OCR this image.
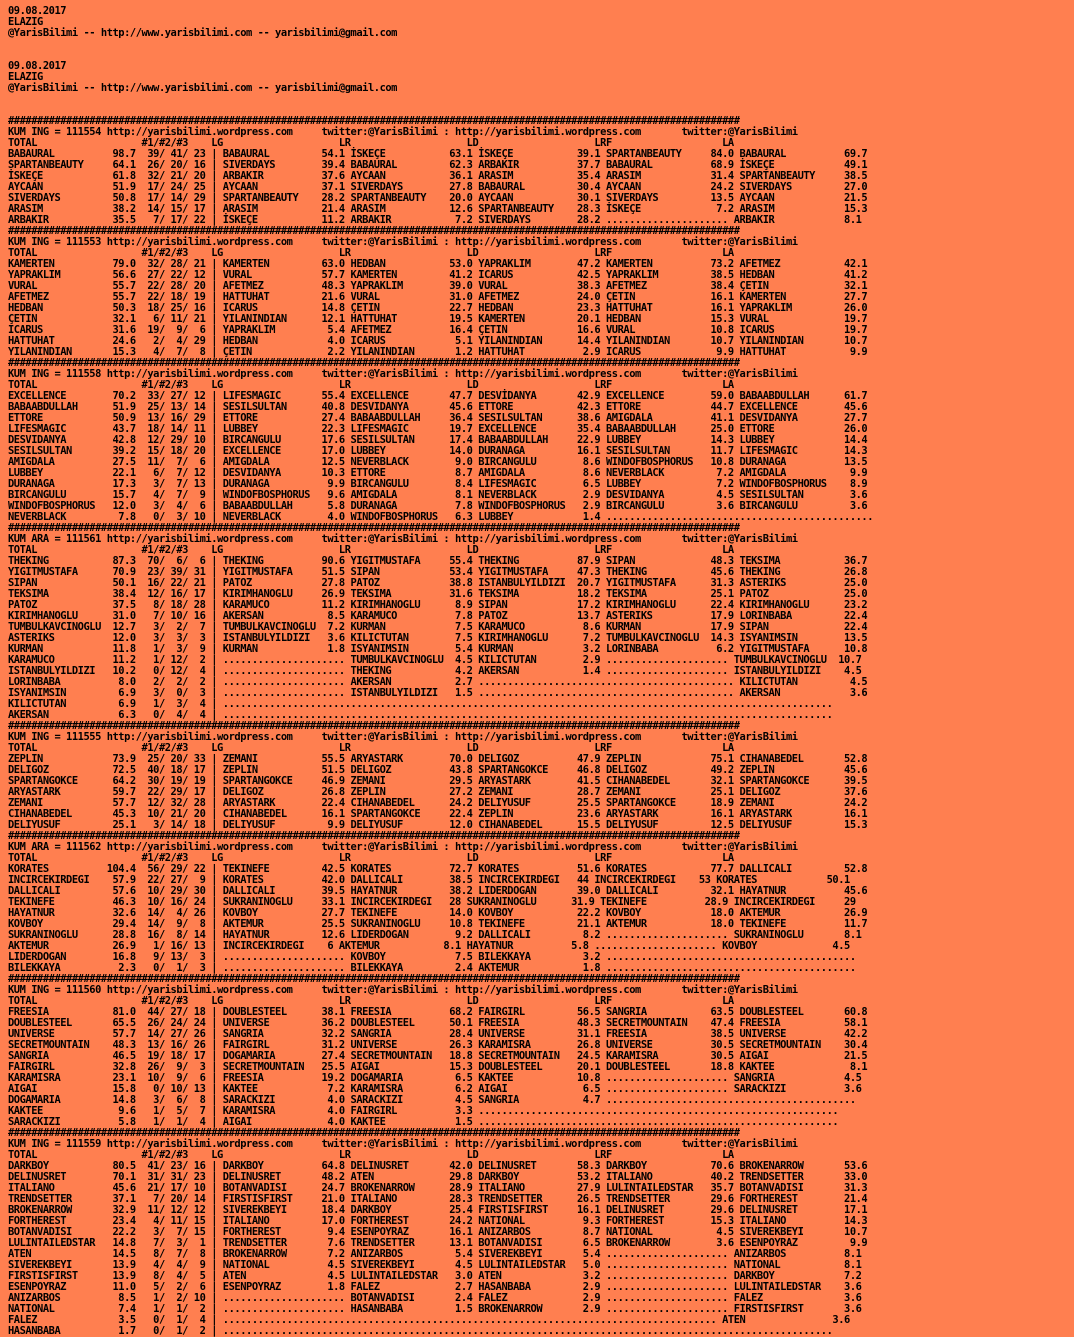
09.08.2017
ELAZIG
@YarisBilimi -- http://www.yarisbilimi.com -- yarisbilimi@gmail.com
09.08.2017
ELAZIG
@YarisBilimi -- http://www.yarisbilimi.com -- yarisbilimi@gmail.com
##############################################################################################################################
KUM ING = 111554 http://yarisbilimi.wordpress.com     twitter:@YarisBilimi : http://yarisbilimi.wordpress.com       twitter:@YarisBilimi
TOTAL                  #1/#2/#3    LG                    LR                    LD                    LRF                   LA
BABAURAL          98.7  39/ 41/ 23 | BABAURAL         54.1 İSKEÇE           63.1 İSKEÇE           39.1 SPARTANBEAUTY     84.0 BABAURAL          69.7
SPARTANBEAUTY     64.1  26/ 20/ 16 | SIVERDAYS        39.4 BABAURAL         62.3 ARBAKIR          37.7 BABAURAL          68.9 İSKEÇE            49.1
İSKEÇE            61.8  32/ 21/ 20 | ARBAKIR          37.6 AYCAAN           36.1 ARASIM           35.4 ARASIM            31.4 SPARTANBEAUTY     38.5
AYCAAN            51.9  17/ 24/ 25 | AYCAAN           37.1 SIVERDAYS        27.8 BABAURAL         30.4 AYCAAN            24.2 SIVERDAYS         27.0
SIVERDAYS         50.8  17/ 14/ 29 | SPARTANBEAUTY    28.2 SPARTANBEAUTY    20.0 AYCAAN           30.1 SIVERDAYS         13.5 AYCAAN            21.5
ARASIM            38.2  14/ 15/ 17 | ARASIM           21.4 ARASIM           12.6 SPARTANBEAUTY    28.3 İSKEÇE             7.2 ARASIM            15.3
ARBAKIR           35.5   7/ 17/ 22 | İSKEÇE           11.2 ARBAKIR           7.2 SIVERDAYS        28.2 ..................... ARBAKIR            8.1
##############################################################################################################################
KUM ING = 111553 http://yarisbilimi.wordpress.com     twitter:@YarisBilimi : http://yarisbilimi.wordpress.com       twitter:@YarisBilimi
TOTAL                  #1/#2/#3    LG                    LR                    LD                    LRF                   LA
KAMERTEN          79.0  32/ 28/ 21 | KAMERTEN         63.0 HEDBAN           53.0 YAPRAKLIM        47.2 KAMERTEN          73.2 AFETMEZ           42.1
YAPRAKLIM         56.6  27/ 22/ 12 | VURAL            57.7 KAMERTEN         41.2 ICARUS           42.5 YAPRAKLIM         38.5 HEDBAN            41.2
VURAL             55.7  22/ 28/ 20 | AFETMEZ          48.3 YAPRAKLIM        39.0 VURAL            38.3 AFETMEZ           38.4 ÇETIN             32.1
AFETMEZ           55.7  22/ 18/ 19 | HATTUHAT         21.6 VURAL            31.0 AFETMEZ          24.0 ÇETIN             16.1 KAMERTEN          27.7
HEDBAN            50.3  18/ 25/ 16 | ICARUS           14.8 ÇETIN            22.7 HEDBAN           23.3 HATTUHAT          16.1 YAPRAKLIM         26.0
ÇETIN             32.1   6/ 11/ 21 | YILANINDIAN      12.1 HATTUHAT         19.5 KAMERTEN         20.1 HEDBAN            15.3 VURAL             19.7
ICARUS            31.6  19/  9/  6 | YAPRAKLIM         5.4 AFETMEZ          16.4 ÇETIN            16.6 VURAL             10.8 ICARUS            19.7
HATTUHAT          24.6   2/  4/ 29 | HEDBAN            4.0 ICARUS            5.1 YILANINDIAN      14.4 YILANINDIAN       10.7 YILANINDIAN       10.7
YILANINDIAN       15.3   4/  7/  8 | ÇETIN             2.2 YILANINDIAN       1.2 HATTUHAT          2.9 ICARUS             9.9 HATTUHAT           9.9
##############################################################################################################################
KUM ING = 111558 http://yarisbilimi.wordpress.com     twitter:@YarisBilimi : http://yarisbilimi.wordpress.com       twitter:@YarisBilimi
TOTAL                  #1/#2/#3    LG                    LR                    LD                    LRF                   LA
EXCELLENCE        70.2  33/ 27/ 12 | LIFESMAGIC       55.4 EXCELLENCE       47.7 DESVİDANYA       42.9 EXCELLENCE        59.0 BABAABDULLAH      61.7
BABAABDULLAH      51.9  25/ 13/ 14 | SESILSULTAN      40.8 DESVIDANYA       45.6 ETTORE           42.3 ETTORE            44.7 EXCELLENCE        45.6
ETTORE            50.9  13/ 16/ 29 | ETTORE           27.4 BABAABDULLAH     36.4 SESILSULTAN      38.6 AMIGDALA          41.1 DESVIDANYA        27.7
LIFESMAGIC        43.7  18/ 14/ 11 | LUBBEY           22.3 LIFESMAGIC       19.7 EXCELLENCE       35.4 BABAABDULLAH      25.0 ETTORE            26.0
DESVIDANYA        42.8  12/ 29/ 10 | BIRCANGULU       17.6 SESILSULTAN      17.4 BABAABDULLAH     22.9 LUBBEY            14.3 LUBBEY            14.4
SESILSULTAN       39.2  15/ 18/ 20 | EXCELLENCE       17.0 LUBBEY           14.0 DURANAGA         16.1 SESILSULTAN       11.7 LIFESMAGIC        14.3
AMIGDALA          27.5  11/  7/  6 | AMIGDALA         12.5 NEVERBLACK        9.0 BIRCANGULU        8.6 WINDOFBOSPHORUS   10.8 DURANAGA          13.5
LUBBEY            22.1   6/  7/ 12 | DESVIDANYA       10.3 ETTORE            8.7 AMIGDALA          8.6 NEVERBLACK         7.2 AMIGDALA           9.9
DURANAGA          17.3   3/  7/ 13 | DURANAGA          9.9 BIRCANGULU        8.4 LIFESMAGIC        6.5 LUBBEY             7.2 WINDOFBOSPHORUS    8.9
BIRCANGULU        15.7   4/  7/  9 | WINDOFBOSPHORUS   9.6 AMIGDALA          8.1 NEVERBLACK        2.9 DESVIDANYA         4.5 SESILSULTAN        3.6
WINDOFBOSPHORUS   12.0   3/  4/  6 | BABAABDULLAH      5.8 DURANAGA          7.8 WINDOFBOSPHORUS   2.9 BIRCANGULU         3.6 BIRCANGULU         3.6
NEVERBLACK         7.8   0/  3/ 10 | NEVERBLACK        4.0 WINDOFBOSPHORUS   6.3 LUBBEY            1.4 ..............................................
##############################################################################################################################
KUM ARA = 111561 http://yarisbilimi.wordpress.com     twitter:@YarisBilimi : http://yarisbilimi.wordpress.com       twitter:@YarisBilimi
TOTAL                  #1/#2/#3    LG                    LR                    LD                    LRF                   LA
THEKING           87.3  70/  6/  6 | THEKING          90.6 YIGITMUSTAFA     55.4 THEKING          87.9 SIPAN             48.3 TEKSIMA           36.7
YIGITMUSTAFA      70.9  23/ 39/ 31 | YIGITMUSTAFA     51.5 SIPAN            53.4 YIGITMUSTAFA     47.3 THEKING           45.6 THEKING           26.8
SIPAN             50.1  16/ 22/ 21 | PATOZ            27.8 PATOZ            38.8 ISTANBULYILDIZI  20.7 YIGITMUSTAFA      31.3 ASTERIKS          25.0
TEKSIMA           38.4  12/ 16/ 17 | KIRIMHANOGLU     26.9 TEKSIMA          31.6 TEKSIMA          18.2 TEKSIMA           25.1 PATOZ             25.0
PATOZ             37.5   8/ 18/ 28 | KARAMUCO         11.2 KIRIMHANOGLU      8.9 SIPAN            17.2 KIRIMHANOGLU      22.4 KIRIMHANOGLU      23.2
KIRIMHANOGLU      31.0   7/ 10/ 16 | AKERSAN           8.5 KARAMUCO          7.8 PATOZ            13.7 ASTERIKS          17.9 LORINBABA         22.4
TUMBULKAVCINOGLU  12.7   3/  2/  7 | TUMBULKAVCINOGLU  7.2 KURMAN            7.5 KARAMUCO          8.6 KURMAN            17.9 SIPAN             22.4
ASTERIKS          12.0   3/  3/  3 | ISTANBULYILDIZI   3.6 KILICTUTAN        7.5 KIRIMHANOGLU      7.2 TUMBULKAVCINOGLU  14.3 ISYANIMSIN        13.5
KURMAN            11.8   1/  3/  9 | KURMAN            1.8 ISYANIMSIN        5.4 KURMAN            3.2 LORINBABA          6.2 YIGITMUSTAFA      10.8
KARAMUCO          11.2   1/ 12/  2 | ..................... TUMBULKAVCINOGLU  4.5 KILICTUTAN        2.9 ..................... TUMBULKAVCINOGLU  10.7
ISTANBULYILDIZI   10.2   0/ 12/  4 | ..................... THEKING           4.2 AKERSAN           1.4 ..................... ISTANBULYILDIZI    4.5
LORINBABA          8.0   2/  2/  2 | ..................... AKERSAN           2.7 ............................................ KILICTUTAN         4.5
ISYANIMSIN         6.9   3/  0/  3 | ..................... ISTANBULYILDIZI   1.5 ............................................ AKERSAN            3.6
KILICTUTAN         6.9   1/  3/  4 | .........................................................................................................
AKERSAN            6.3   0/  4/  4 | .........................................................................................................
##############################################################################################################################
KUM ING = 111555 http://yarisbilimi.wordpress.com     twitter:@YarisBilimi : http://yarisbilimi.wordpress.com       twitter:@YarisBilimi
TOTAL                  #1/#2/#3    LG                    LR                    LD                    LRF                   LA
ZEPLIN            73.9  25/ 20/ 33 | ZEMANI           55.5 ARYASTARK        70.0 DELIGOZ          47.9 ZEPLIN            75.1 CIHANABEDEL       52.8
DELIGOZ           72.5  40/ 18/ 17 | ZEPLIN           51.5 DELIGOZ          43.8 SPARTANGOKCE     46.8 DELIGOZ           49.2 ZEPLIN            45.6
SPARTANGOKCE      64.2  30/ 19/ 19 | SPARTANGOKCE     46.9 ZEMANI           29.5 ARYASTARK        41.5 CIHANABEDEL       32.1 SPARTANGOKCE      39.5
ARYASTARK         59.7  22/ 29/ 17 | DELIGOZ          26.8 ZEPLIN           27.2 ZEMANI           28.7 ZEMANI            25.1 DELIGOZ           37.6
ZEMANI            57.7  12/ 32/ 28 | ARYASTARK        22.4 CIHANABEDEL      24.2 DELIYUSUF        25.5 SPARTANGOKCE      18.9 ZEMANI            24.2
CIHANABEDEL       45.3  10/ 21/ 20 | CIHANABEDEL      16.1 SPARTANGOKCE     22.4 ZEPLIN           23.6 ARYASTARK         16.1 ARYASTARK         16.1
DELIYUSUF         25.1   3/ 14/ 18 | DELIYUSUF         9.9 DELIYUSUF        12.0 CIHANABEDEL      15.5 DELIYUSUF         12.5 DELIYUSUF         15.3
##############################################################################################################################
KUM ARA = 111562 http://yarisbilimi.wordpress.com     twitter:@YarisBilimi : http://yarisbilimi.wordpress.com       twitter:@YarisBilimi
TOTAL                  #1/#2/#3    LG                    LR                    LD                    LRF                   LA
KORATES          104.4  56/ 29/ 22 | TEKINEFE         42.5 KORATES          72.7 KORATES          51.6 KORATES           77.7 DALLICALI         52.8
INCIRCEKIRDEGI    57.9  22/ 27/  9 | KORATES          42.0 DALLICALI        38.5 INCIRCEKIRDEGI   44 INCIRCEKIRDEGI    53 KORATES            50.1
DALLICALI         57.6  10/ 29/ 30 | DALLICALI        39.5 HAYATNUR         38.2 LIDERDOGAN       39.0 DALLICALI         32.1 HAYATNUR          45.6
TEKINEFE          46.3  10/ 16/ 24 | SUKRANINOGLU     33.1 INCIRCEKIRDEGI   28 SUKRANINOGLU      31.9 TEKINEFE          28.9 INCIRCEKIRDEGI     29
HAYATNUR          32.6  14/  4/ 26 | KOVBOY           27.7 TEKINEFE         14.0 KOVBOY           22.2 KOVBOY            18.0 AKTEMUR           26.9
KOVBOY            29.4  14/  9/  8 | AKTEMUR          25.5 SUKRANINOGLU     10.8 TEKINEFE         21.1 AKTEMUR           18.0 TEKINEFE          11.7
SUKRANINOGLU      28.8  16/  8/ 14 | HAYATNUR         12.6 LIDERDOGAN        9.2 DALLICALI         8.2 ..................... SUKRANINOGLU       8.1
AKTEMUR           26.9   1/ 16/ 13 | INCIRCEKIRDEGI    6 AKTEMUR           8.1 HAYATNUR          5.8 ..................... KOVBOY             4.5
LIDERDOGAN        16.8   9/ 13/  3 | ..................... KOVBOY            7.5 BILEKKAYA         3.2 ...........................................
BILEKKAYA          2.3   0/  1/  3 | ..................... BILEKKAYA         2.4 AKTEMUR           1.8 ...........................................
##############################################################################################################################
KUM ING = 111560 http://yarisbilimi.wordpress.com     twitter:@YarisBilimi : http://yarisbilimi.wordpress.com       twitter:@YarisBilimi
TOTAL                  #1/#2/#3    LG                    LR                    LD                    LRF                   LA
FREESIA           81.0  44/ 27/ 18 | DOUBLESTEEL      38.1 FREESIA          68.2 FAIRGIRL         56.5 SANGRIA           63.5 DOUBLESTEEL       60.8
DOUBLESTEEL       65.5  26/ 24/ 24 | UNIVERSE         36.2 DOUBLESTEEL      50.1 FREESIA          48.3 SECRETMOUNTAIN    47.4 FREESIA           58.1
UNIVERSE          57.7  14/ 27/ 26 | SANGRIA          32.2 SANGRIA          28.4 UNIVERSE         31.1 FREESIA           38.5 UNIVERSE          42.2
SECRETMOUNTAIN    48.3  13/ 16/ 26 | FAIRGIRL         31.2 UNIVERSE         26.3 KARAMISRA        26.8 UNIVERSE          30.5 SECRETMOUNTAIN    30.4
SANGRIA           46.5  19/ 18/ 17 | DOGAMARIA        27.4 SECRETMOUNTAIN   18.8 SECRETMOUNTAIN   24.5 KARAMISRA         30.5 AIGAI             21.5
FAIRGIRL          32.8  26/  9/  3 | SECRETMOUNTAIN   25.5 AIGAI            15.3 DOUBLESTEEL      20.1 DOUBLESTEEL       18.8 KAKTEE             8.1
KARAMISRA         23.1  10/  9/  6 | FREESIA          19.2 DOGAMARIA         6.5 KAKTEE           10.8 ..................... SANGRIA            4.5
AIGAI             15.8   0/ 10/ 13 | KAKTEE            7.2 KARAMISRA         6.2 AIGAI             6.5 ..................... SARACKIZI          3.6
DOGAMARIA         14.8   3/  6/  8 | SARACKIZI         4.0 SARACKIZI         4.5 SANGRIA           4.7 ...........................................
KAKTEE             9.6   1/  5/  7 | KARAMISRA         4.0 FAIRGIRL          3.3 ..............................................................
SARACKIZI          5.8   1/  1/  4 | AIGAI             4.0 KAKTEE            1.5 ..............................................................
##############################################################################################################################
KUM ING = 111559 http://yarisbilimi.wordpress.com     twitter:@YarisBilimi : http://yarisbilimi.wordpress.com       twitter:@YarisBilimi
TOTAL                  #1/#2/#3    LG                    LR                    LD                    LRF                   LA
DARKBOY           80.5  41/ 23/ 16 | DARKBOY          64.8 DELINUSRET       42.0 DELINUSRET       58.3 DARKBOY           70.6 BROKENARROW       53.6
DELINUSRET        70.1  31/ 31/ 23 | DELINUSRET       48.2 ATEN             29.8 DARKBOY          53.2 ITALIANO          40.2 TRENDSETTER       33.0
ITALIANO          45.6  21/ 17/ 10 | BOTANVADISI      24.7 BROKENARROW      28.9 ITALIANO         27.9 LULINTAILEDSTAR   35.7 BOTANVADISI       31.3
TRENDSETTER       37.1   7/ 20/ 14 | FIRSTISFIRST     21.0 ITALIANO         28.3 TRENDSETTER      26.5 TRENDSETTER       29.6 FORTHEREST        21.4
BROKENARROW       32.9  11/ 12/ 12 | SIVEREKBEYI      18.4 DARKBOY          25.4 FIRSTISFIRST     16.1 DELINUSRET        29.6 DELINUSRET        17.1
FORTHEREST        23.4   4/ 11/ 15 | ITALIANO         17.0 FORTHEREST       24.2 NATIONAL          9.3 FORTHEREST        15.3 ITALIANO          14.3
BOTANVADISI       22.2   3/  7/ 15 | FORTHEREST        9.4 ESENPOYRAZ       16.1 ANIZARBOS         8.7 NATIONAL           4.5 SIVEREKBEYI       10.7
LULINTAILEDSTAR   14.8   7/  3/  1 | TRENDSETTER       7.6 TRENDSETTER      13.1 BOTANVADISI       6.5 BROKENARROW        3.6 ESENPOYRAZ         9.9
ATEN              14.5   8/  7/  8 | BROKENARROW       7.2 ANIZARBOS         5.4 SIVEREKBEYI       5.4 ..................... ANIZARBOS          8.1
SIVEREKBEYI       13.9   4/  4/  9 | NATIONAL          4.5 SIVEREKBEYI       4.5 LULINTAILEDSTAR   5.0 ..................... NATIONAL           8.1
FIRSTISFIRST      13.9   8/  4/  5 | ATEN              4.5 LULINTAILEDSTAR   3.0 ATEN              3.2 ..................... DARKBOY            7.2
ESENPOYRAZ        11.0   5/  2/  6 | ESENPOYRAZ        1.8 FALEZ             2.7 HASANBABA         2.9 ..................... LULINTAILEDSTAR    3.6
ANIZARBOS          8.5   1/  2/ 10 | ..................... BOTANVADISI       2.4 FALEZ             2.9 ..................... FALEZ              3.6
NATIONAL           7.4   1/  1/  2 | ..................... HASANBABA         1.5 BROKENARROW       2.9 ..................... FIRSTISFIRST       3.6
FALEZ              3.5   0/  1/  4 | ..................................................................................... ATEN               3.6
HASANBABA          1.7   0/  1/  2 | .........................................................................................................
